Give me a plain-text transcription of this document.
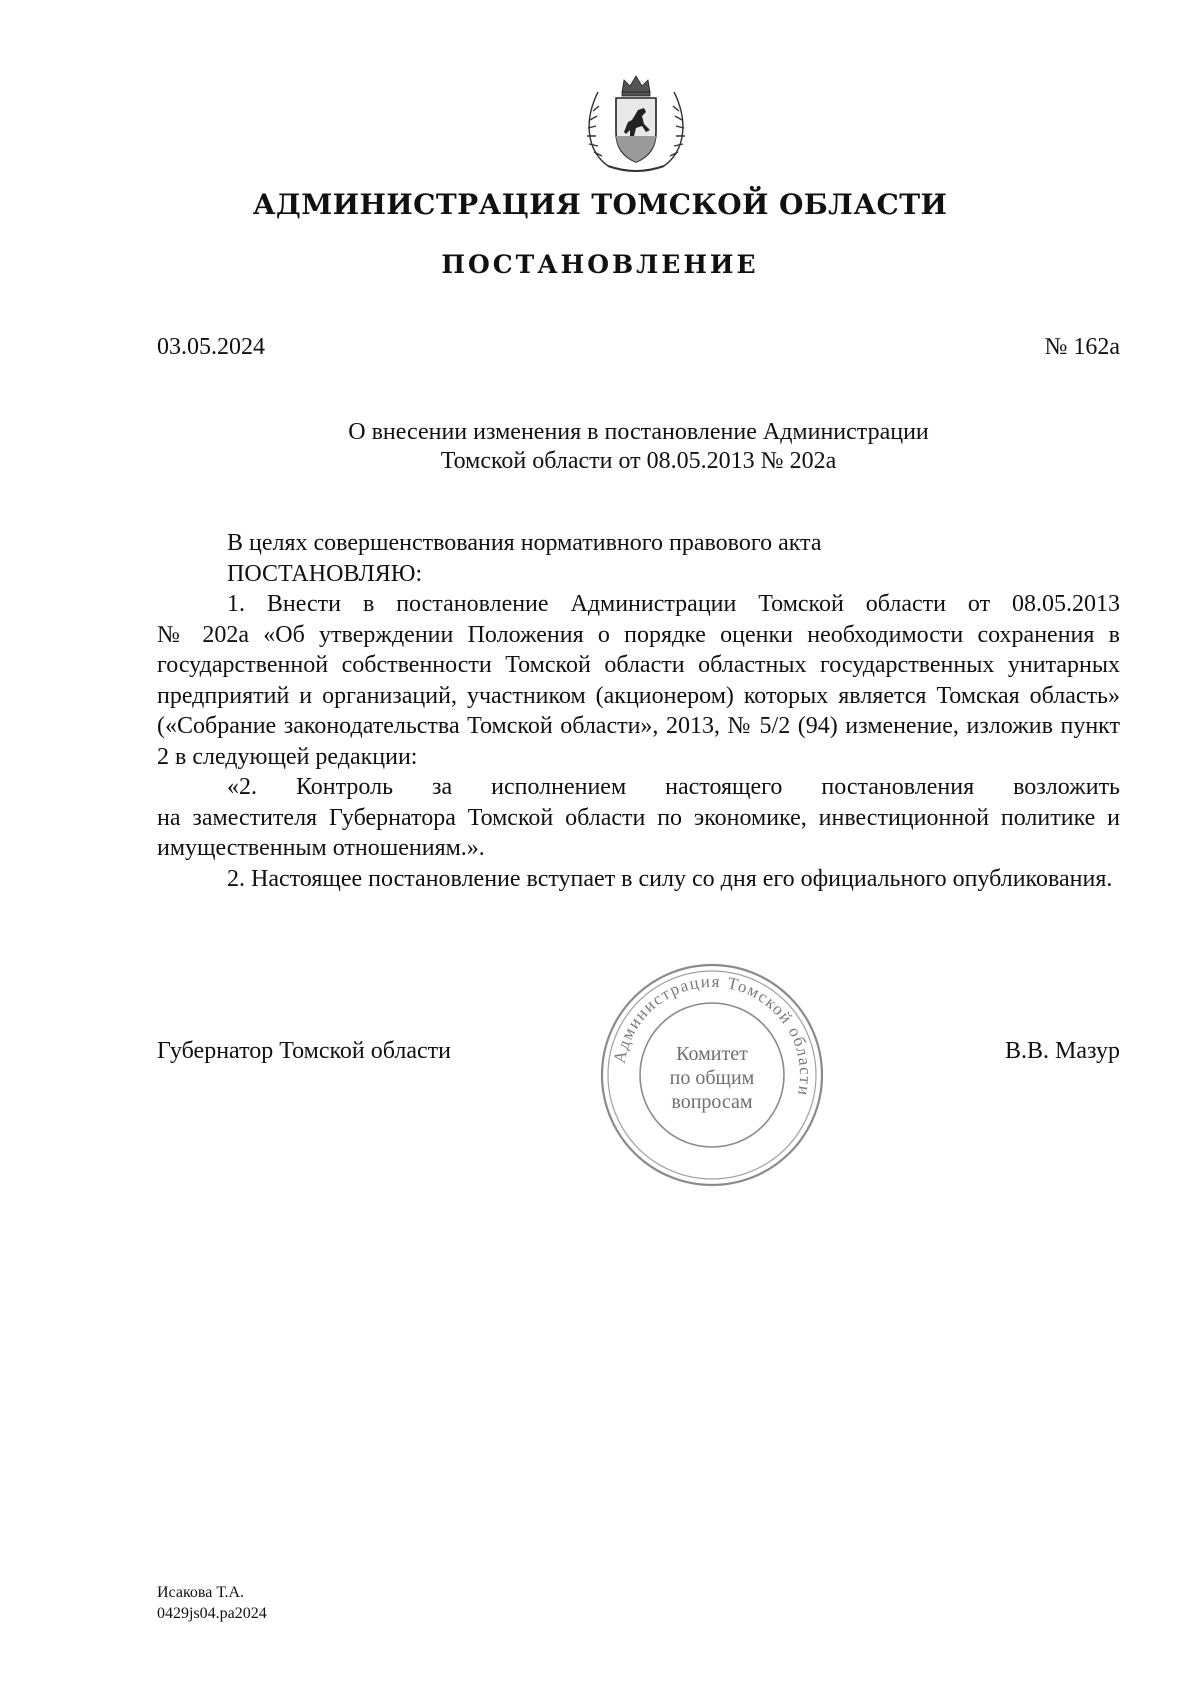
АДМИНИСТРАЦИЯ ТОМСКОЙ ОБЛАСТИ
ПОСТАНОВЛЕНИЕ
03.05.2024	№ 162а
О внесении изменения в постановление Администрации
Томской области от 08.05.2013 № 202а

В целях совершенствования нормативного правового акта

ПОСТАНОВЛЯЮ:

1. Внести в постановление Администрации Томской области от 08.05.2013

№ 202а «Об утверждении Положения о порядке оценки необходимости сохранения в государственной собственности Томской области областных государственных унитарных предприятий и организаций, участником (акционером) которых является Томская область» («Собрание законодательства Томской области», 2013, № 5/2 (94) изменение, изложив пункт 2 в следующей редакции:

«2. Контроль за исполнением настоящего постановления возложить

на заместителя Губернатора Томской области по экономике, инвестиционной политике и имущественным отношениям.».

2. Настоящее постановление вступает в силу со дня его официального опубликования.

Губернатор Томской области	В.В. Мазур
Администрация Томской области
Комитет
по общим
вопросам
Исакова Т.А.
0429js04.ра2024
